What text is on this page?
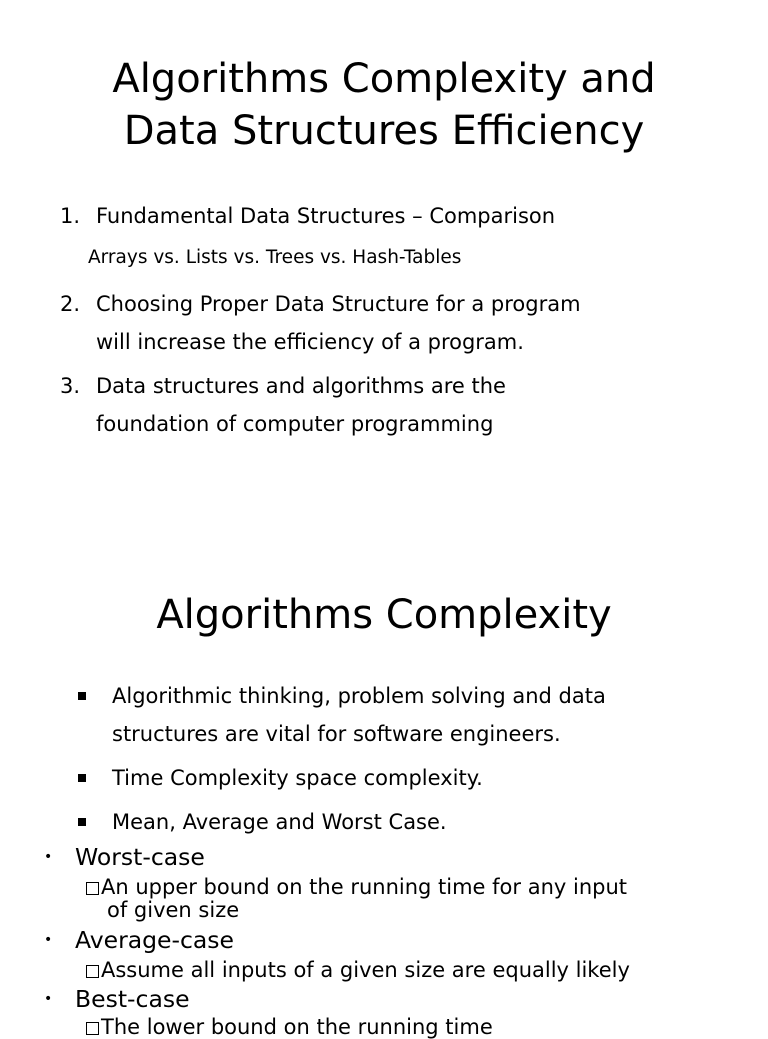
Algorithms Complexity and
Data Structures Efficiency
1. Fundamental Data Structures – Comparison
Arrays vs. Lists vs. Trees vs. Hash-Tables
2. Choosing Proper Data Structure for a program
will increase the efficiency of a program.
3. Data structures and algorithms are the
foundation of computer programming
Algorithms Complexity
Algorithmic thinking, problem solving and data
structures are vital for software engineers.
Time Complexity space complexity.
Mean, Average and Worst Case.
• Worst-case
An upper bound on the running time for any input
of given size
• Average-case
Assume all inputs of a given size are equally likely
• Best-case
The lower bound on the running time
